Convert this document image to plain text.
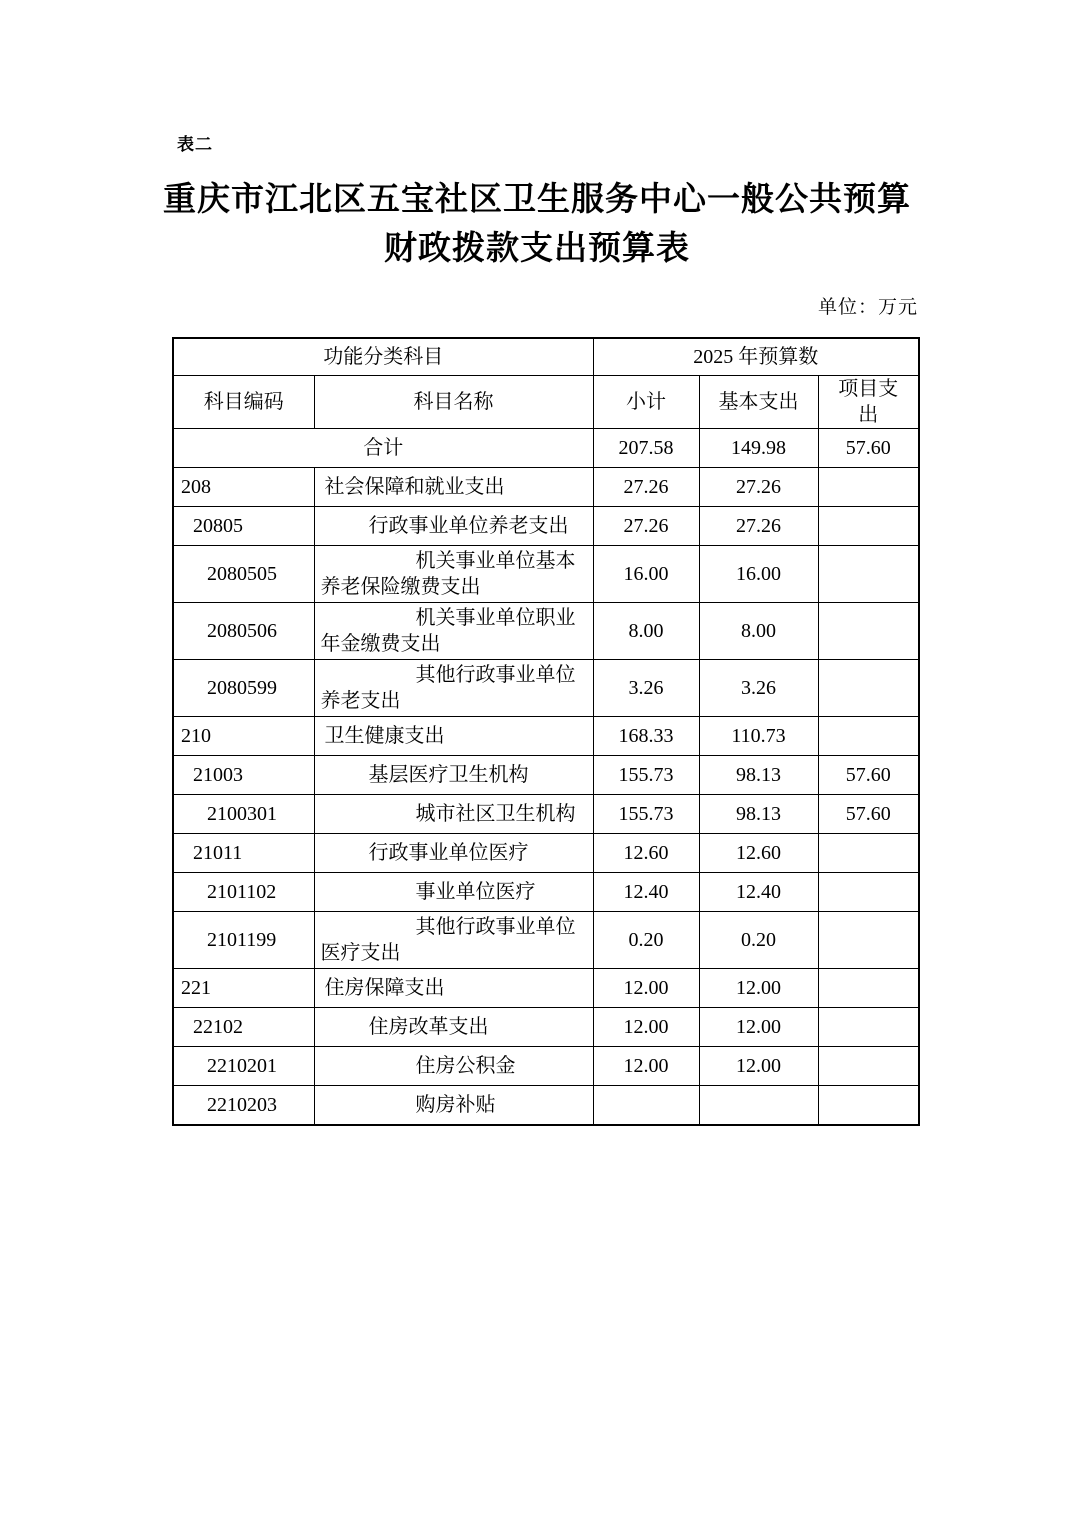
表二
重庆市江北区五宝社区卫生服务中心一般公共预算
财政拨款支出预算表
单位：万元
功能分类科目		2025 年预算数		
科目编码	科目名称	小计	基本支出	项目支出
合计		207.58	149.98	57.60
208	社会保障和就业支出	27.26	27.26	
20805	行政事业单位养老支出	27.26	27.26	
2080505	机关事业单位基本养老保险缴费支出	16.00	16.00	
2080506	机关事业单位职业年金缴费支出	8.00	8.00	
2080599	其他行政事业单位养老支出	3.26	3.26	
210	卫生健康支出	168.33	110.73	
21003	基层医疗卫生机构	155.73	98.13	57.60
2100301	城市社区卫生机构	155.73	98.13	57.60
21011	行政事业单位医疗	12.60	12.60	
2101102	事业单位医疗	12.40	12.40	
2101199	其他行政事业单位医疗支出	0.20	0.20	
221	住房保障支出	12.00	12.00	
22102	住房改革支出	12.00	12.00	
2210201	住房公积金	12.00	12.00	
2210203	购房补贴			
